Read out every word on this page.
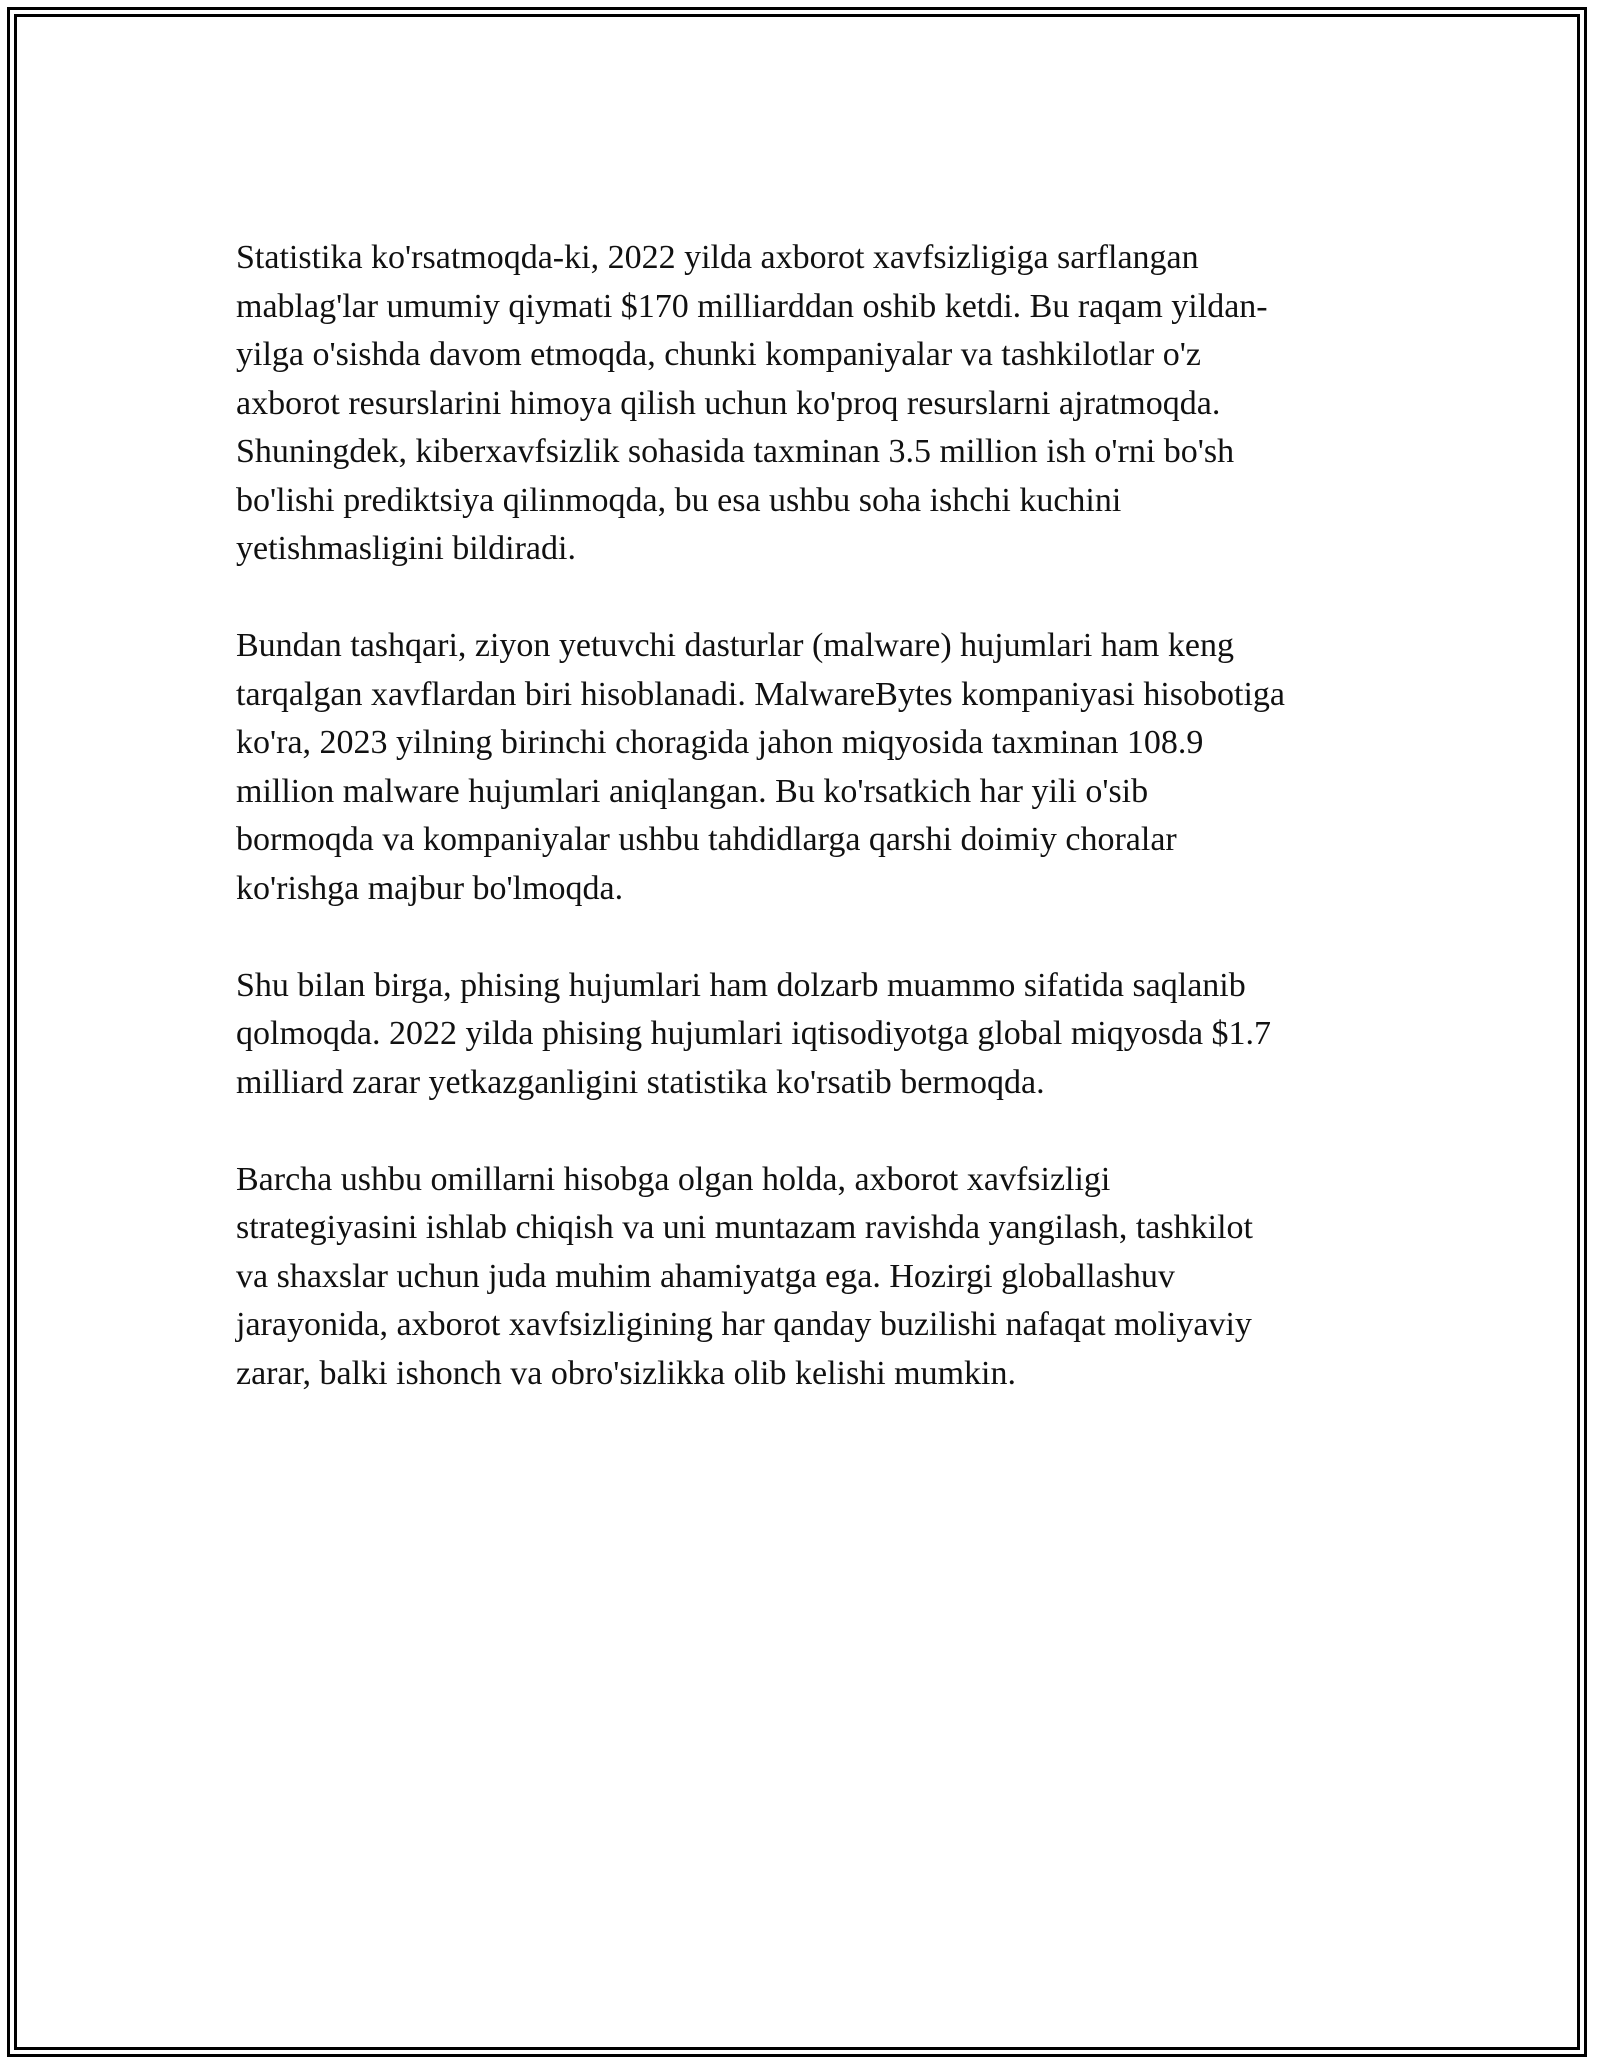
Statistika ko'rsatmoqda-ki, 2022 yilda axborot xavfsizligiga sarflangan
mablag'lar umumiy qiymati $170 milliarddan oshib ketdi. Bu raqam yildan-
yilga o'sishda davom etmoqda, chunki kompaniyalar va tashkilotlar o'z
axborot resurslarini himoya qilish uchun ko'proq resurslarni ajratmoqda.
Shuningdek, kiberxavfsizlik sohasida taxminan 3.5 million ish o'rni bo'sh
bo'lishi prediktsiya qilinmoqda, bu esa ushbu soha ishchi kuchini
yetishmasligini bildiradi.

Bundan tashqari, ziyon yetuvchi dasturlar (malware) hujumlari ham keng
tarqalgan xavflardan biri hisoblanadi. MalwareBytes kompaniyasi hisobotiga
ko'ra, 2023 yilning birinchi choragida jahon miqyosida taxminan 108.9
million malware hujumlari aniqlangan. Bu ko'rsatkich har yili o'sib
bormoqda va kompaniyalar ushbu tahdidlarga qarshi doimiy choralar
ko'rishga majbur bo'lmoqda.

Shu bilan birga, phising hujumlari ham dolzarb muammo sifatida saqlanib
qolmoqda. 2022 yilda phising hujumlari iqtisodiyotga global miqyosda $1.7
milliard zarar yetkazganligini statistika ko'rsatib bermoqda.

Barcha ushbu omillarni hisobga olgan holda, axborot xavfsizligi
strategiyasini ishlab chiqish va uni muntazam ravishda yangilash, tashkilot
va shaxslar uchun juda muhim ahamiyatga ega. Hozirgi globallashuv
jarayonida, axborot xavfsizligining har qanday buzilishi nafaqat moliyaviy
zarar, balki ishonch va obro'sizlikka olib kelishi mumkin.
